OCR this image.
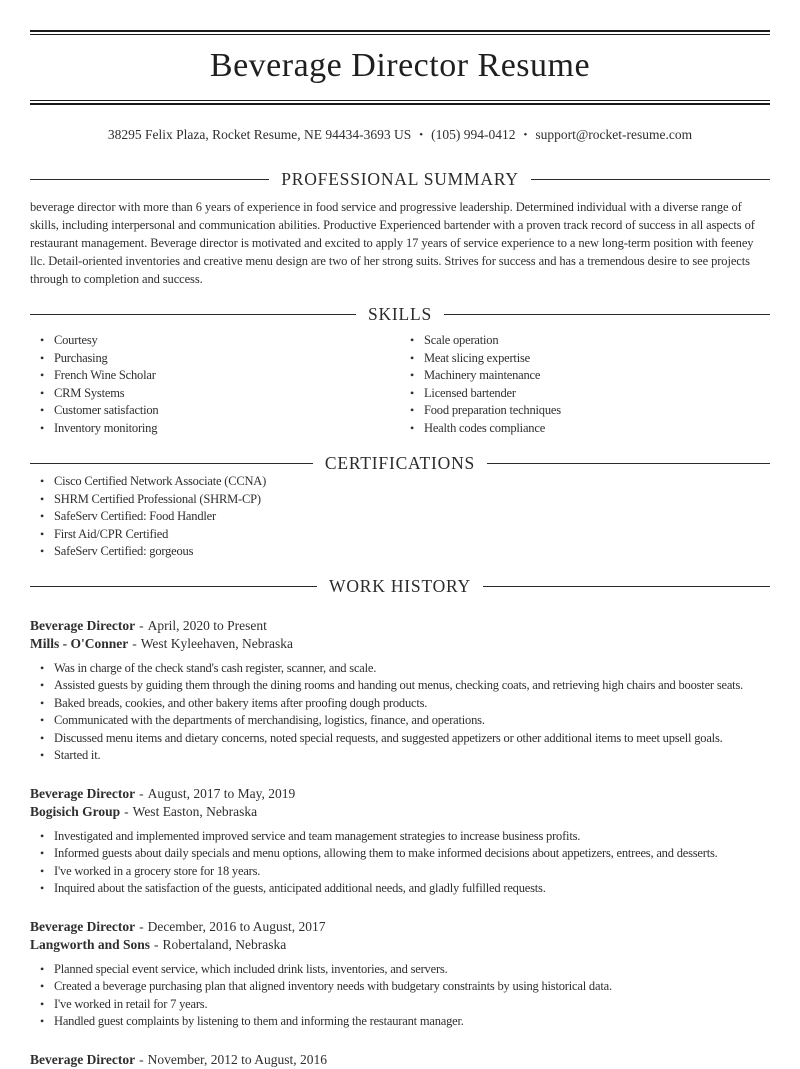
Beverage Director Resume
38295 Felix Plaza, Rocket Resume, NE 94434-3693 US • (105) 994-0412 • support@rocket-resume.com
PROFESSIONAL SUMMARY

beverage director with more than 6 years of experience in food service and progressive leadership. Determined individual with a diverse range of skills, including interpersonal and communication abilities. Productive Experienced bartender with a proven track record of success in all aspects of restaurant management. Beverage director is motivated and excited to apply 17 years of service experience to a new long-term position with feeney llc. Detail-oriented inventories and creative menu design are two of her strong suits. Strives for success and has a tremendous desire to see projects through to completion and success.

SKILLS
• Courtesy
• Purchasing
• French Wine Scholar
• CRM Systems
• Customer satisfaction
• Inventory monitoring
• Scale operation
• Meat slicing expertise
• Machinery maintenance
• Licensed bartender
• Food preparation techniques
• Health codes compliance
CERTIFICATIONS
• Cisco Certified Network Associate (CCNA)
• SHRM Certified Professional (SHRM-CP)
• SafeServ Certified: Food Handler
• First Aid/CPR Certified
• SafeServ Certified: gorgeous
WORK HISTORY
Beverage Director - April, 2020 to Present
Mills - O'Conner - West Kyleehaven, Nebraska
• Was in charge of the check stand's cash register, scanner, and scale.
• Assisted guests by guiding them through the dining rooms and handing out menus, checking coats, and retrieving high chairs and booster seats.
• Baked breads, cookies, and other bakery items after proofing dough products.
• Communicated with the departments of merchandising, logistics, finance, and operations.
• Discussed menu items and dietary concerns, noted special requests, and suggested appetizers or other additional items to meet upsell goals.
• Started it.
Beverage Director - August, 2017 to May, 2019
Bogisich Group - West Easton, Nebraska
• Investigated and implemented improved service and team management strategies to increase business profits.
• Informed guests about daily specials and menu options, allowing them to make informed decisions about appetizers, entrees, and desserts.
• I've worked in a grocery store for 18 years.
• Inquired about the satisfaction of the guests, anticipated additional needs, and gladly fulfilled requests.
Beverage Director - December, 2016 to August, 2017
Langworth and Sons - Robertaland, Nebraska
• Planned special event service, which included drink lists, inventories, and servers.
• Created a beverage purchasing plan that aligned inventory needs with budgetary constraints by using historical data.
• I've worked in retail for 7 years.
• Handled guest complaints by listening to them and informing the restaurant manager.
Beverage Director - November, 2012 to August, 2016
